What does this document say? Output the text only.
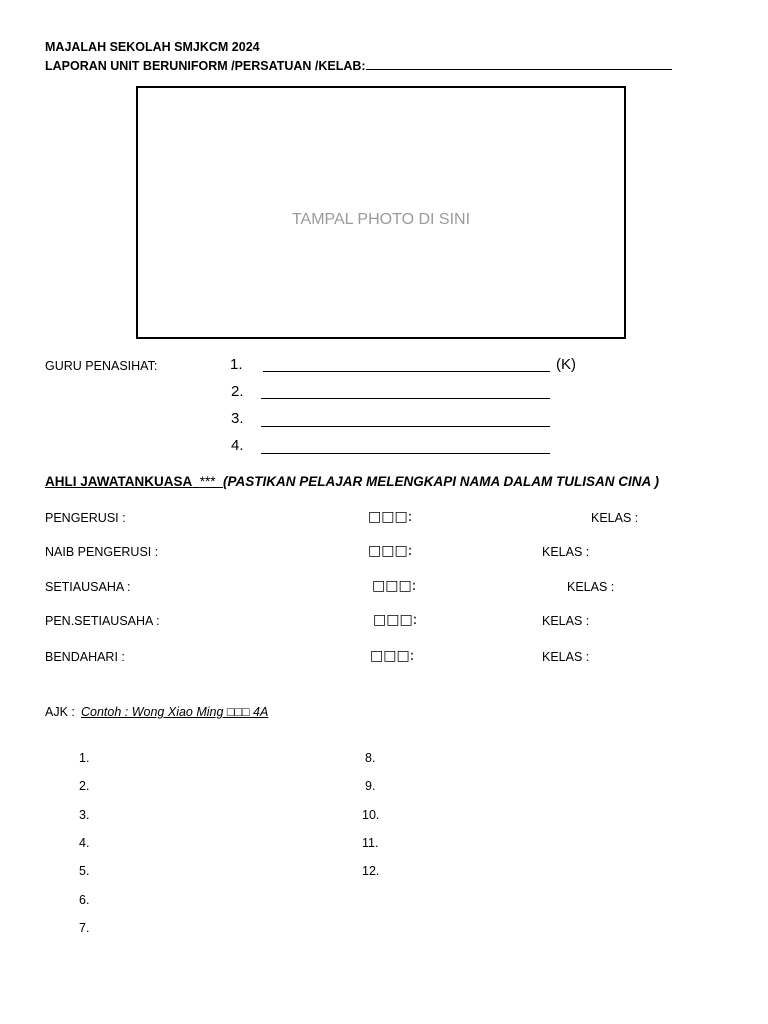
MAJALAH SEKOLAH SMJKCM 2024
LAPORAN UNIT BERUNIFORM /PERSATUAN /KELAB:
TAMPAL PHOTO DI SINI
GURU PENASIHAT:	1.	(K)
2.
3.
4.
AHLI JAWATANKUASA *** (PASTIKAN PELAJAR MELENGKAPI NAMA DALAM TULISAN CINA )
PENGERUSI :	□□□:	KELAS :
NAIB PENGERUSI :	□□□:	KELAS :
SETIAUSAHA :	□□□:	KELAS :
PEN.SETIAUSAHA :	□□□:	KELAS :
BENDAHARI :	□□□:	KELAS :
AJK : Contoh : Wong Xiao Ming □□□ 4A
1.
2.
3.
4.
5.
6.
7.
8.
9.
10.
11.
12.
